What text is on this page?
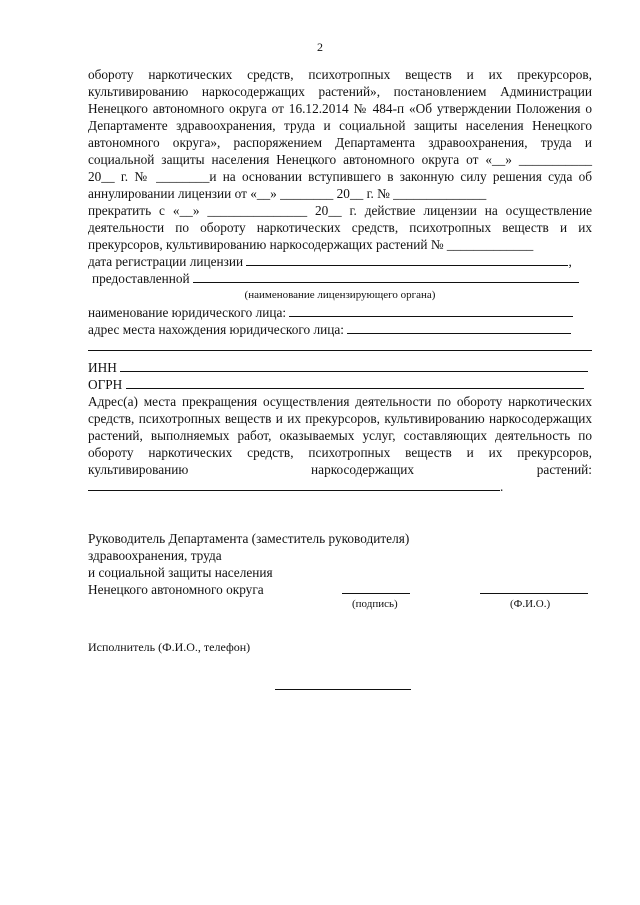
2

обороту наркотических средств, психотропных веществ и их прекурсоров, культивированию наркосодержащих растений», постановлением Администрации Ненецкого автономного округа от 16.12.2014 № 484-п «Об утверждении Положения о Департаменте здравоохранения, труда и социальной защиты населения Ненецкого автономного округа», распоряжением Департамента здравоохранения, труда и социальной защиты населения Ненецкого автономного округа от «__» ___________ 20__ г. № ________и на основании вступившего в законную силу решения суда об аннулировании лицензии от «__» ________ 20__ г. № ______________

прекратить с «__» _______________ 20__ г. действие лицензии на осуществление деятельности по обороту наркотических средств, психотропных веществ и их прекурсоров, культивированию наркосодержащих растений № _____________

дата регистрации лицензии	,

предоставленной

(наименование лицензирующего органа)

наименование юридического лица:

адрес места нахождения юридического лица:

ИНН

ОГРН

Адрес(а) места прекращения осуществления деятельности по обороту наркотических средств, психотропных веществ и их прекурсоров, культивированию наркосодержащих растений, выполняемых работ, оказываемых услуг, составляющих деятельность по обороту наркотических средств, психотропных веществ и их прекурсоров, культивированию наркосодержащих растений: .

Руководитель Департамента (заместитель руководителя)
здравоохранения, труда
и социальной защиты населения
Ненецкого автономного округа
(подпись)	(Ф.И.О.)
Исполнитель (Ф.И.О., телефон)
